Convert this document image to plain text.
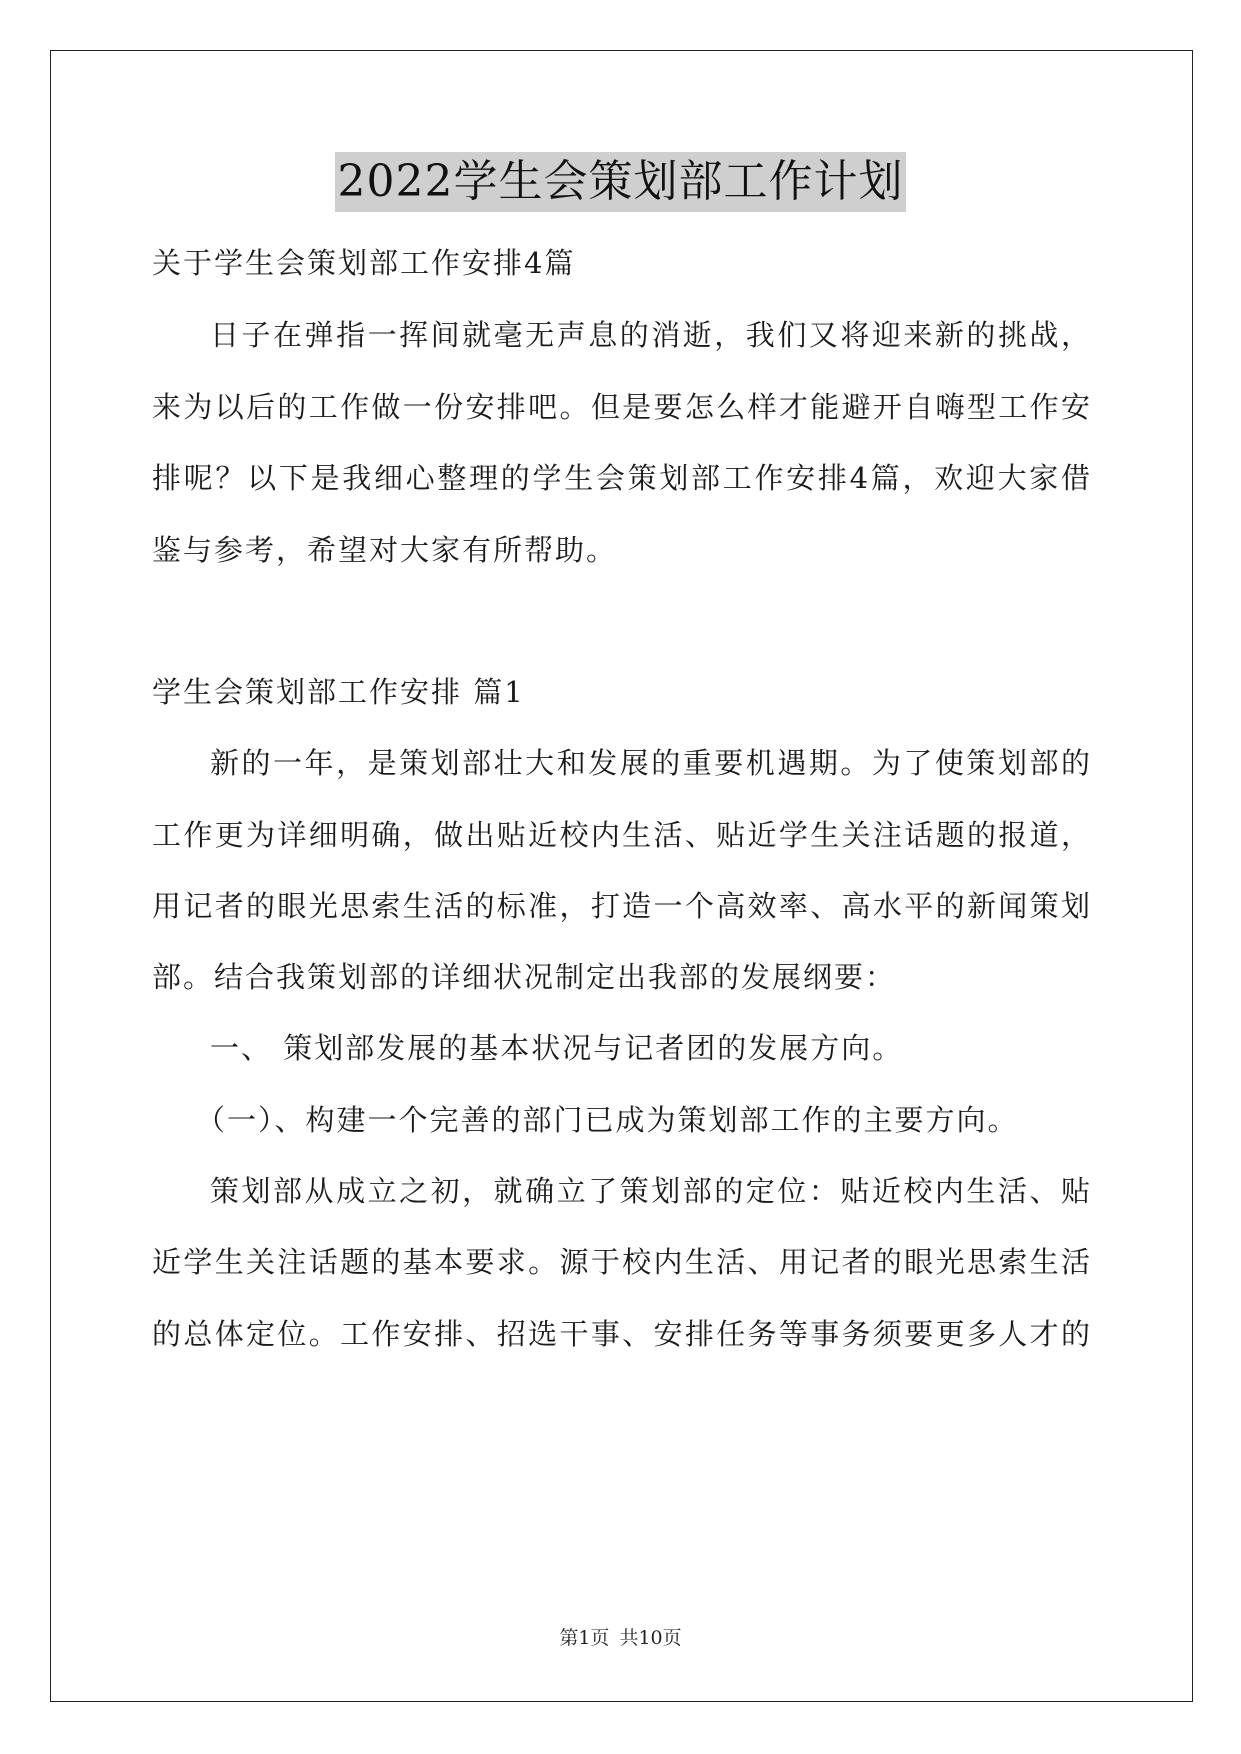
2022学生会策划部工作计划
关于学生会策划部工作安排4篇
日子在弹指一挥间就毫无声息的消逝，我们又将迎来新的挑战，
来为以后的工作做一份安排吧。但是要怎么样才能避开自嗨型工作安
排呢？以下是我细心整理的学生会策划部工作安排4篇，欢迎大家借
鉴与参考，希望对大家有所帮助。
学生会策划部工作安排 篇1
新的一年，是策划部壮大和发展的重要机遇期。为了使策划部的
工作更为详细明确，做出贴近校内生活、贴近学生关注话题的报道，
用记者的眼光思索生活的标准，打造一个高效率、高水平的新闻策划
部。结合我策划部的详细状况制定出我部的发展纲要：
一、 策划部发展的基本状况与记者团的发展方向。
（一）、构建一个完善的部门已成为策划部工作的主要方向。
策划部从成立之初，就确立了策划部的定位：贴近校内生活、贴
近学生关注话题的基本要求。源于校内生活、用记者的眼光思索生活
的总体定位。工作安排、招选干事、安排任务等事务须要更多人才的
第1页 共10页
